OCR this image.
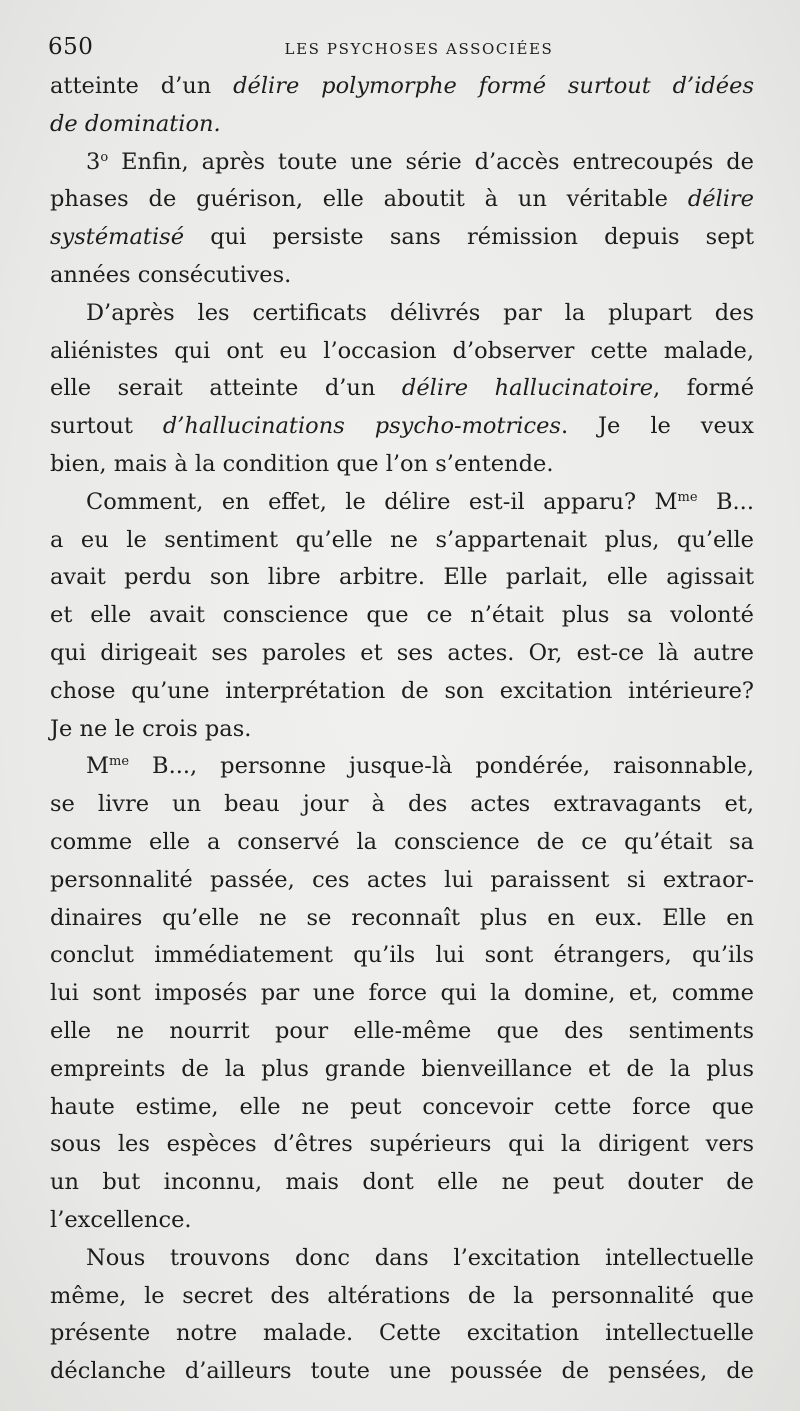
650	LES PSYCHOSES ASSOCIÉES
atteinte d’un délire polymorphe formé surtout d’idées
de domination.
3$^o$ Enfin, après toute une série d’accès entrecoupés de
phases de guérison, elle aboutit à un véritable délire
systématisé qui persiste sans rémission depuis sept
années consécutives.
D’après les certificats délivrés par la plupart des
aliénistes qui ont eu l’occasion d’observer cette malade,
elle serait atteinte d’un délire hallucinatoire, formé
surtout d’hallucinations psycho-motrices. Je le veux
bien, mais à la condition que l’on s’entende.
Comment, en effet, le délire est-il apparu? $M^{me}$ B...
a eu le sentiment qu’elle ne s’appartenait plus, qu’elle
avait perdu son libre arbitre. Elle parlait, elle agissait
et elle avait conscience que ce n’était plus sa volonté
qui dirigeait ses paroles et ses actes. Or, est-ce là autre
chose qu’une interprétation de son excitation intérieure?
Je ne le crois pas.
$M^{me}$ B..., personne jusque-là pondérée, raisonnable,
se livre un beau jour à des actes extravagants et,
comme elle a conservé la conscience de ce qu’était sa
personnalité passée, ces actes lui paraissent si extraor-
dinaires qu’elle ne se reconnaît plus en eux. Elle en
conclut immédiatement qu’ils lui sont étrangers, qu’ils
lui sont imposés par une force qui la domine, et, comme
elle ne nourrit pour elle-même que des sentiments
empreints de la plus grande bienveillance et de la plus
haute estime, elle ne peut concevoir cette force que
sous les espèces d’êtres supérieurs qui la dirigent vers
un but inconnu, mais dont elle ne peut douter de
l’excellence.
Nous trouvons donc dans l’excitation intellectuelle
même, le secret des altérations de la personnalité que
présente notre malade. Cette excitation intellectuelle
déclanche d’ailleurs toute une poussée de pensées, de
